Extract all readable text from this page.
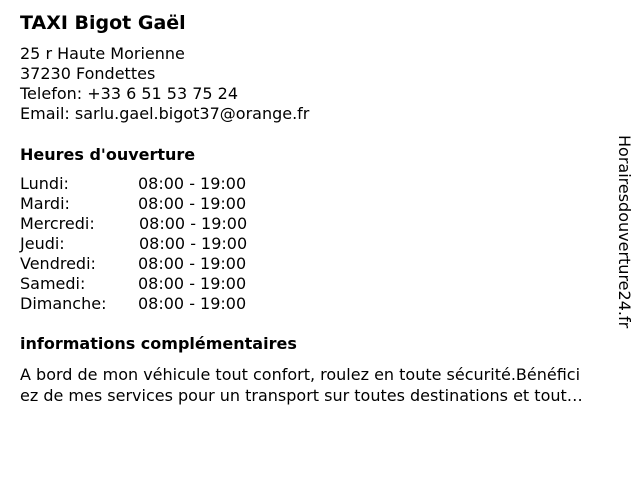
TAXI Bigot Gaël
25 r Haute Morienne
37230 Fondettes
Telefon: +33 6 51 53 75 24
Email: sarlu.gael.bigot37@orange.fr
Heures d'ouverture
Lundi:	08:00 - 19:00
Mardi:	08:00 - 19:00
Mercredi:	08:00 - 19:00
Jeudi:	08:00 - 19:00
Vendredi:	08:00 - 19:00
Samedi:	08:00 - 19:00
Dimanche: 08:00 - 19:00
informations complémentaires
A bord de mon véhicule tout confort, roulez en toute sécurité.Bénéfici
ez de mes services pour un transport sur toutes destinations et tout…
Horairesdouverture24.fr
